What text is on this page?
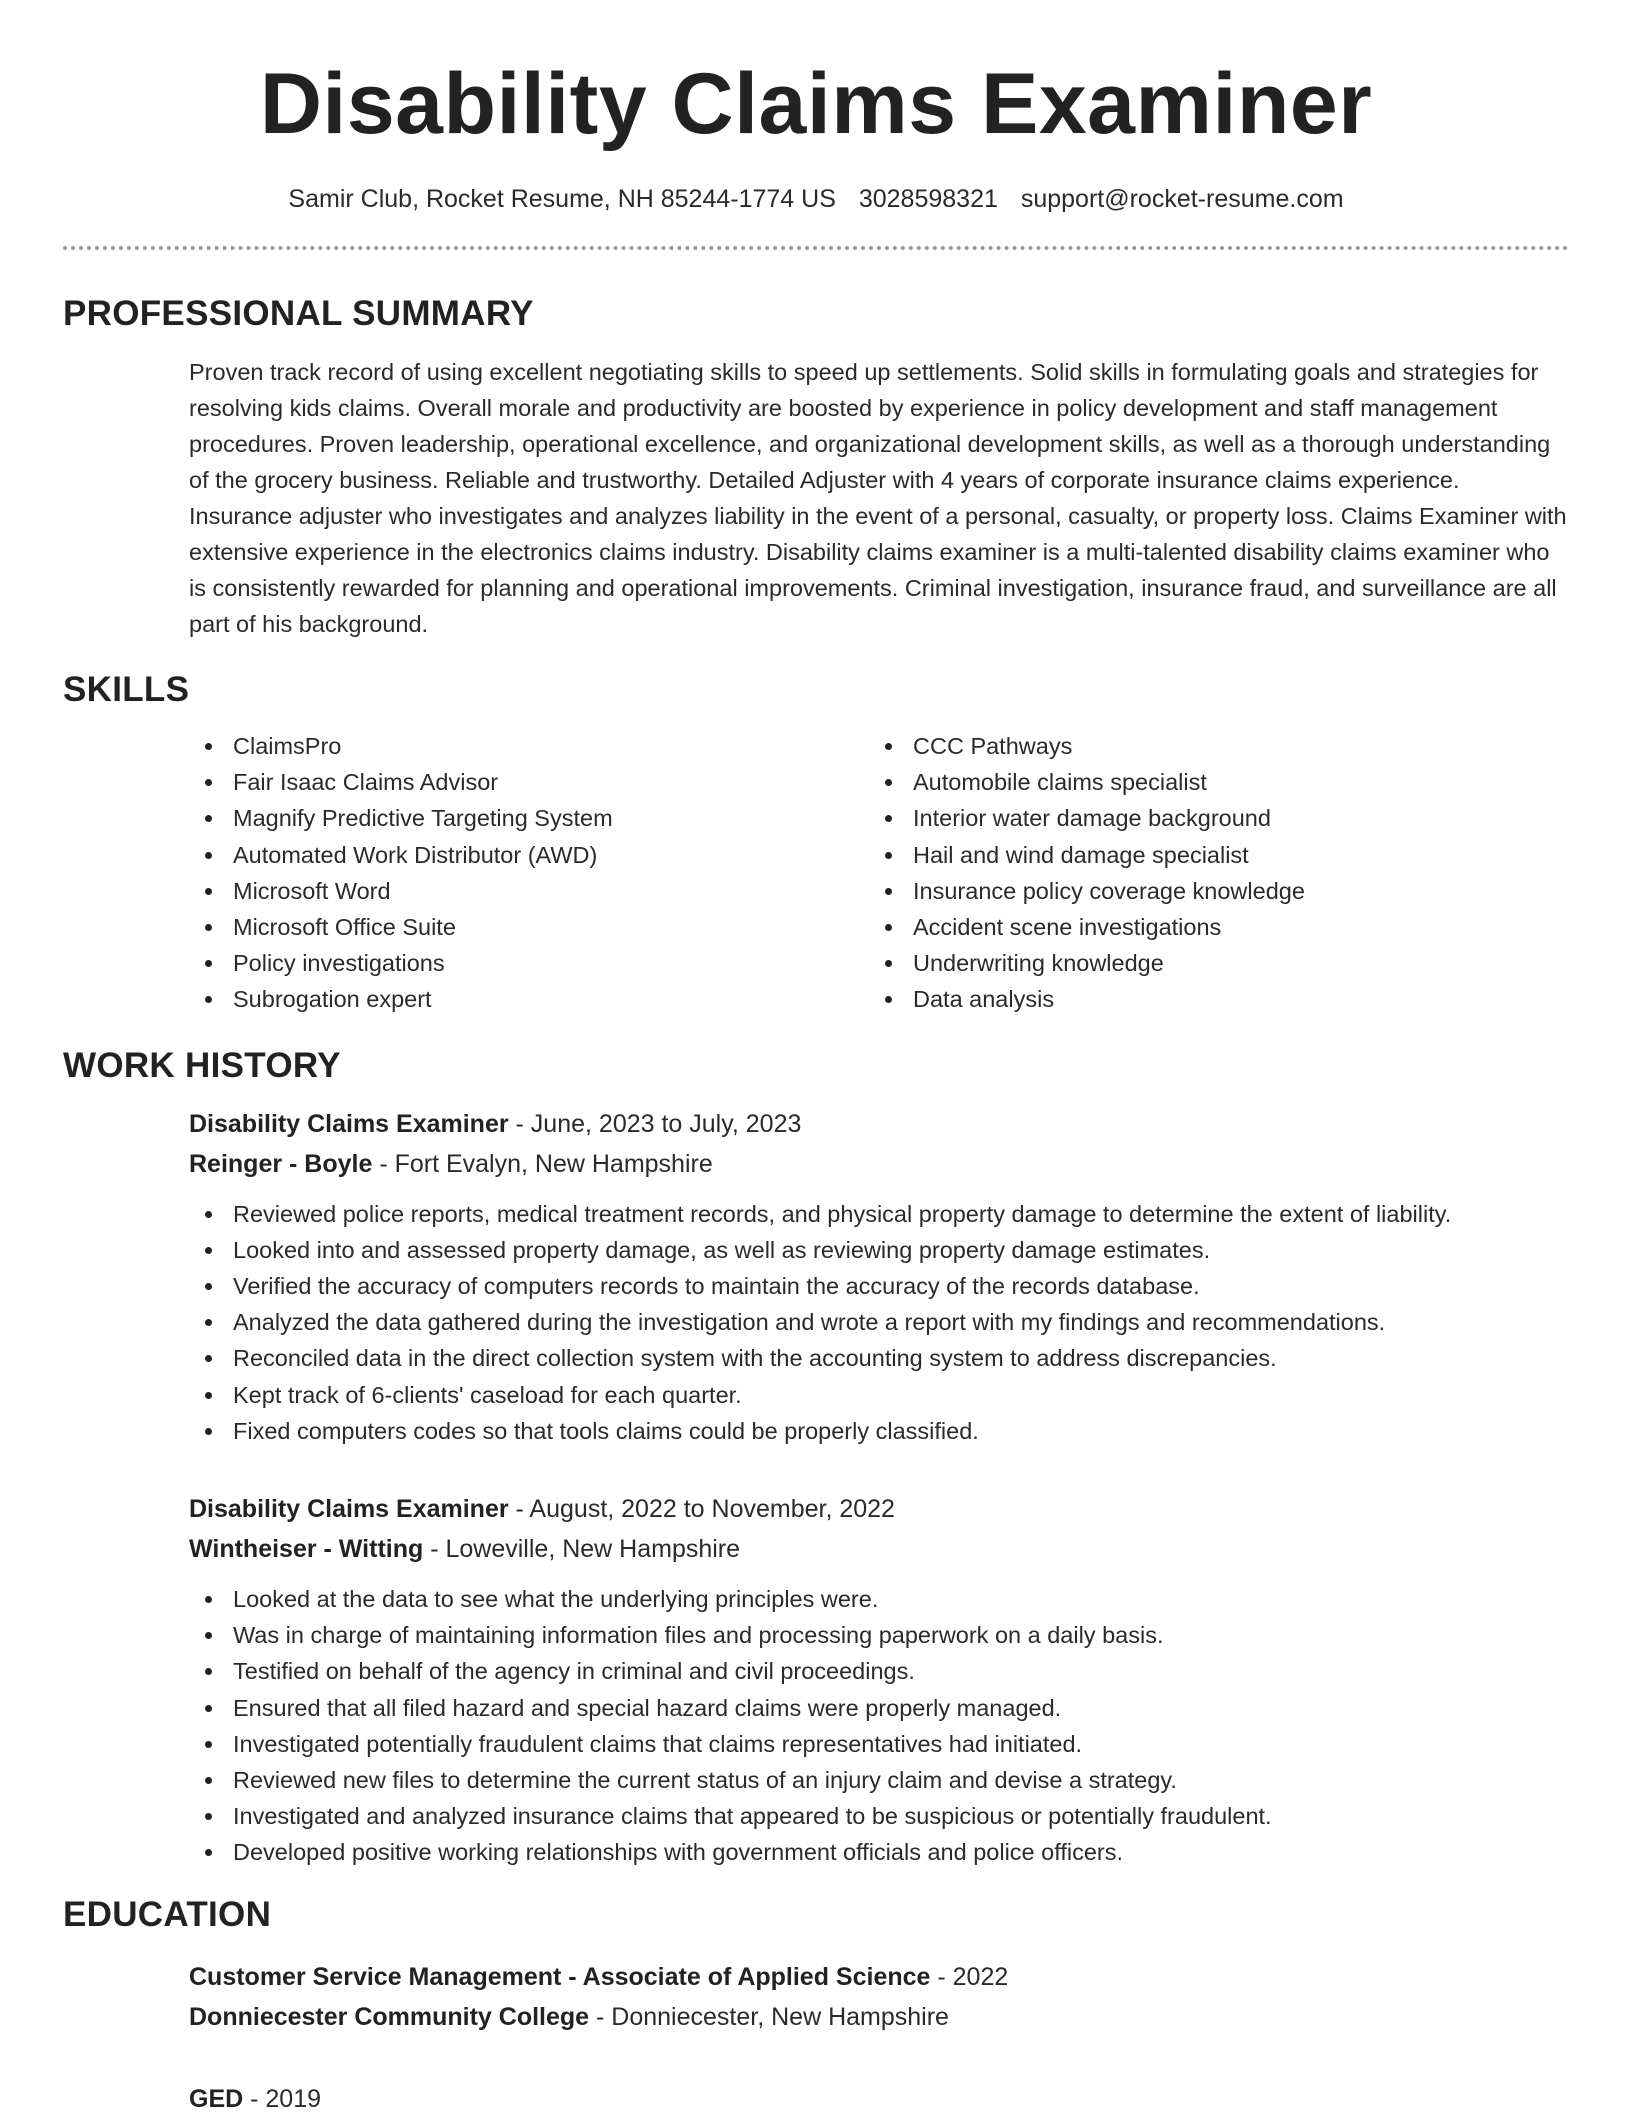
Disability Claims Examiner
Samir Club, Rocket Resume, NH 85244-1774 US 3028598321 support@rocket-resume.com
PROFESSIONAL SUMMARY

Proven track record of using excellent negotiating skills to speed up settlements. Solid skills in formulating goals and strategies for resolving kids claims. Overall morale and productivity are boosted by experience in policy development and staff management procedures. Proven leadership, operational excellence, and organizational development skills, as well as a thorough understanding of the grocery business. Reliable and trustworthy. Detailed Adjuster with 4 years of corporate insurance claims experience. Insurance adjuster who investigates and analyzes liability in the event of a personal, casualty, or property loss. Claims Examiner with extensive experience in the electronics claims industry. Disability claims examiner is a multi-talented disability claims examiner who is consistently rewarded for planning and operational improvements. Criminal investigation, insurance fraud, and surveillance are all part of his background.

SKILLS
ClaimsPro
Fair Isaac Claims Advisor
Magnify Predictive Targeting System
Automated Work Distributor (AWD)
Microsoft Word
Microsoft Office Suite
Policy investigations
Subrogation expert
CCC Pathways
Automobile claims specialist
Interior water damage background
Hail and wind damage specialist
Insurance policy coverage knowledge
Accident scene investigations
Underwriting knowledge
Data analysis
WORK HISTORY
Disability Claims Examiner - June, 2023 to July, 2023
Reinger - Boyle - Fort Evalyn, New Hampshire
Reviewed police reports, medical treatment records, and physical property damage to determine the extent of liability.
Looked into and assessed property damage, as well as reviewing property damage estimates.
Verified the accuracy of computers records to maintain the accuracy of the records database.
Analyzed the data gathered during the investigation and wrote a report with my findings and recommendations.
Reconciled data in the direct collection system with the accounting system to address discrepancies.
Kept track of 6-clients' caseload for each quarter.
Fixed computers codes so that tools claims could be properly classified.
Disability Claims Examiner - August, 2022 to November, 2022
Wintheiser - Witting - Loweville, New Hampshire
Looked at the data to see what the underlying principles were.
Was in charge of maintaining information files and processing paperwork on a daily basis.
Testified on behalf of the agency in criminal and civil proceedings.
Ensured that all filed hazard and special hazard claims were properly managed.
Investigated potentially fraudulent claims that claims representatives had initiated.
Reviewed new files to determine the current status of an injury claim and devise a strategy.
Investigated and analyzed insurance claims that appeared to be suspicious or potentially fraudulent.
Developed positive working relationships with government officials and police officers.
EDUCATION
Customer Service Management - Associate of Applied Science - 2022
Donniecester Community College - Donniecester, New Hampshire
GED - 2019
